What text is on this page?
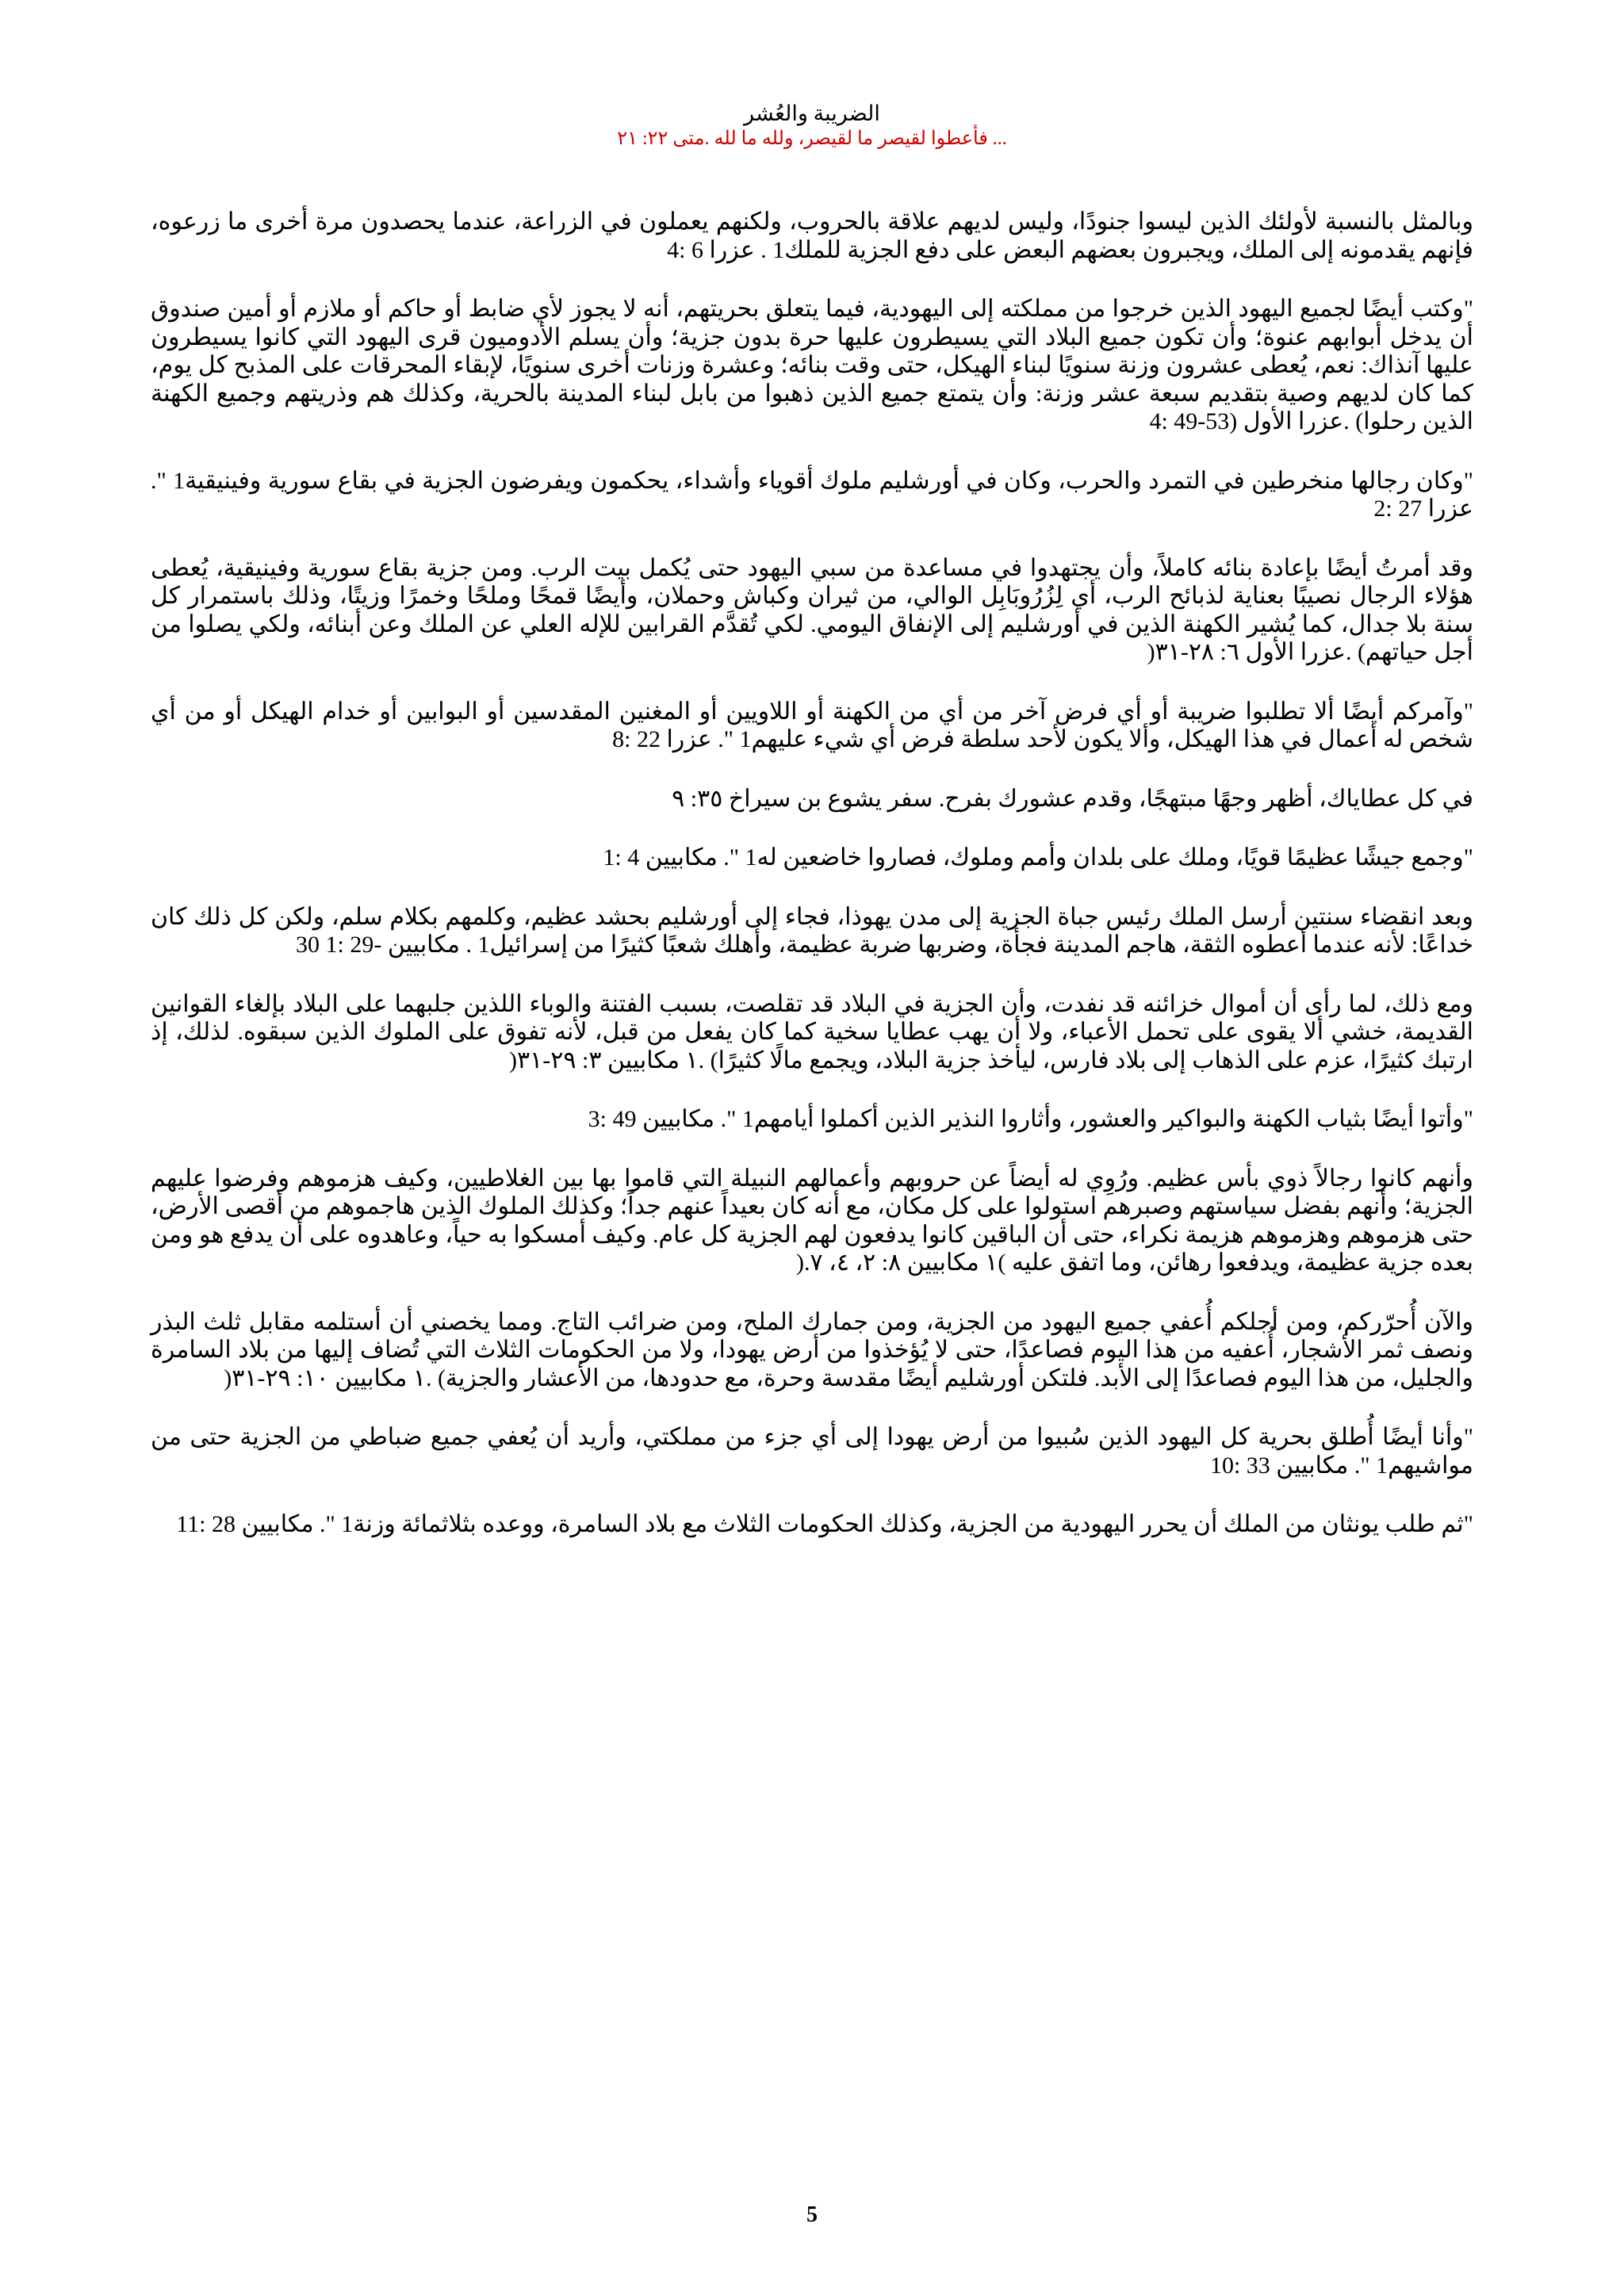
الضريبة والعُشر
... فأعطوا لقيصر ما لقيصر، ولله ما لله .متى ٢٢: ٢١

وبالمثل بالنسبة لأولئك الذين ليسوا جنودًا، وليس لديهم علاقة بالحروب، ولكنهم يعملون في الزراعة، عندما يحصدون مرة أخرى ما زرعوه، فإنهم يقدمونه إلى الملك، ويجبرون بعضهم البعض على دفع الجزية للملك1 . عزرا 6 :4

"وكتب أيضًا لجميع اليهود الذين خرجوا من مملكته إلى اليهودية، فيما يتعلق بحريتهم، أنه لا يجوز لأي ضابط أو حاكم أو ملازم أو أمين صندوق أن يدخل أبوابهم عنوة؛ وأن تكون جميع البلاد التي يسيطرون عليها حرة بدون جزية؛ وأن يسلم الأدوميون قرى اليهود التي كانوا يسيطرون عليها آنذاك: نعم، يُعطى عشرون وزنة سنويًا لبناء الهيكل، حتى وقت بنائه؛ وعشرة وزنات أخرى سنويًا، لإبقاء المحرقات على المذبح كل يوم، كما كان لديهم وصية بتقديم سبعة عشر وزنة: وأن يتمتع جميع الذين ذهبوا من بابل لبناء المدينة بالحرية، وكذلك هم وذريتهم وجميع الكهنة الذين رحلوا) .عزرا الأول (53-49 :4

"وكان رجالها منخرطين في التمرد والحرب، وكان في أورشليم ملوك أقوياء وأشداء، يحكمون ويفرضون الجزية في بقاع سورية وفينيقية1 ". عزرا 27 :2

وقد أمرتُ أيضًا بإعادة بنائه كاملاً، وأن يجتهدوا في مساعدة من سبي اليهود حتى يُكمل بيت الرب. ومن جزية بقاع سورية وفينيقية، يُعطى هؤلاء الرجال نصيبًا بعناية لذبائح الرب، أي لِزُرُوبَابِل الوالي، من ثيران وكباش وحملان، وأيضًا قمحًا وملحًا وخمرًا وزيتًا، وذلك باستمرار كل سنة بلا جدال، كما يُشير الكهنة الذين في أورشليم إلى الإنفاق اليومي. لكي تُقدَّم القرابين للإله العلي عن الملك وعن أبنائه، ولكي يصلوا من أجل حياتهم) .عزرا الأول ٦: ٢٨-٣١(

"وآمركم أيضًا ألا تطلبوا ضريبة أو أي فرض آخر من أي من الكهنة أو اللاويين أو المغنين المقدسين أو البوابين أو خدام الهيكل أو من أي شخص له أعمال في هذا الهيكل، وألا يكون لأحد سلطة فرض أي شيء عليهم1 ". عزرا 22 :8

في كل عطاياك، أظهر وجهًا مبتهجًا، وقدم عشورك بفرح. سفر يشوع بن سيراخ ٣٥: ٩

"وجمع جيشًا عظيمًا قويًا، وملك على بلدان وأمم وملوك، فصاروا خاضعين له1 ". مكابيين 4 :1

وبعد انقضاء سنتين أرسل الملك رئيس جباة الجزية إلى مدن يهوذا، فجاء إلى أورشليم بحشد عظيم، وكلمهم بكلام سلم، ولكن كل ذلك كان خداعًا: لأنه عندما أعطوه الثقة، هاجم المدينة فجأة، وضربها ضربة عظيمة، وأهلك شعبًا كثيرًا من إسرائيل1 . مكابيين -29 :1 30

ومع ذلك، لما رأى أن أموال خزائنه قد نفدت، وأن الجزية في البلاد قد تقلصت، بسبب الفتنة والوباء اللذين جلبهما على البلاد بإلغاء القوانين القديمة، خشي ألا يقوى على تحمل الأعباء، ولا أن يهب عطايا سخية كما كان يفعل من قبل، لأنه تفوق على الملوك الذين سبقوه. لذلك، إذ ارتبك كثيرًا، عزم على الذهاب إلى بلاد فارس، ليأخذ جزية البلاد، ويجمع مالًا كثيرًا) .١ مكابيين ٣: ٢٩-٣١(

"وأتوا أيضًا بثياب الكهنة والبواكير والعشور، وأثاروا النذير الذين أكملوا أيامهم1 ". مكابيين 49 :3

وأنهم كانوا رجالاً ذوي بأس عظيم. ورُوِي له أيضاً عن حروبهم وأعمالهم النبيلة التي قاموا بها بين الغلاطيين، وكيف هزموهم وفرضوا عليهم الجزية؛ وأنهم بفضل سياستهم وصبرهم استولوا على كل مكان، مع أنه كان بعيداً عنهم جداً؛ وكذلك الملوك الذين هاجموهم من أقصى الأرض، حتى هزموهم وهزموهم هزيمة نكراء، حتى أن الباقين كانوا يدفعون لهم الجزية كل عام. وكيف أمسكوا به حياً، وعاهدوه على أن يدفع هو ومن بعده جزية عظيمة، ويدفعوا رهائن، وما اتفق عليه )١ مكابيين ٨: ٢، ٤، ٧.(

والآن أُحرّركم، ومن أجلكم أُعفي جميع اليهود من الجزية، ومن جمارك الملح، ومن ضرائب التاج. ومما يخصني أن أستلمه مقابل ثلث البذر ونصف ثمر الأشجار، أُعفيه من هذا اليوم فصاعدًا، حتى لا يُؤخذوا من أرض يهودا، ولا من الحكومات الثلاث التي تُضاف إليها من بلاد السامرة والجليل، من هذا اليوم فصاعدًا إلى الأبد. فلتكن أورشليم أيضًا مقدسة وحرة، مع حدودها، من الأعشار والجزية) .١ مكابيين ١٠: ٢٩-٣١(

"وأنا أيضًا أُطلق بحرية كل اليهود الذين سُبيوا من أرض يهودا إلى أي جزء من مملكتي، وأريد أن يُعفي جميع ضباطي من الجزية حتى من مواشيهم1 ". مكابيين 33 :10

"ثم طلب يونثان من الملك أن يحرر اليهودية من الجزية، وكذلك الحكومات الثلاث مع بلاد السامرة، ووعده بثلاثمائة وزنة1 ". مكابيين 28 :11

5
